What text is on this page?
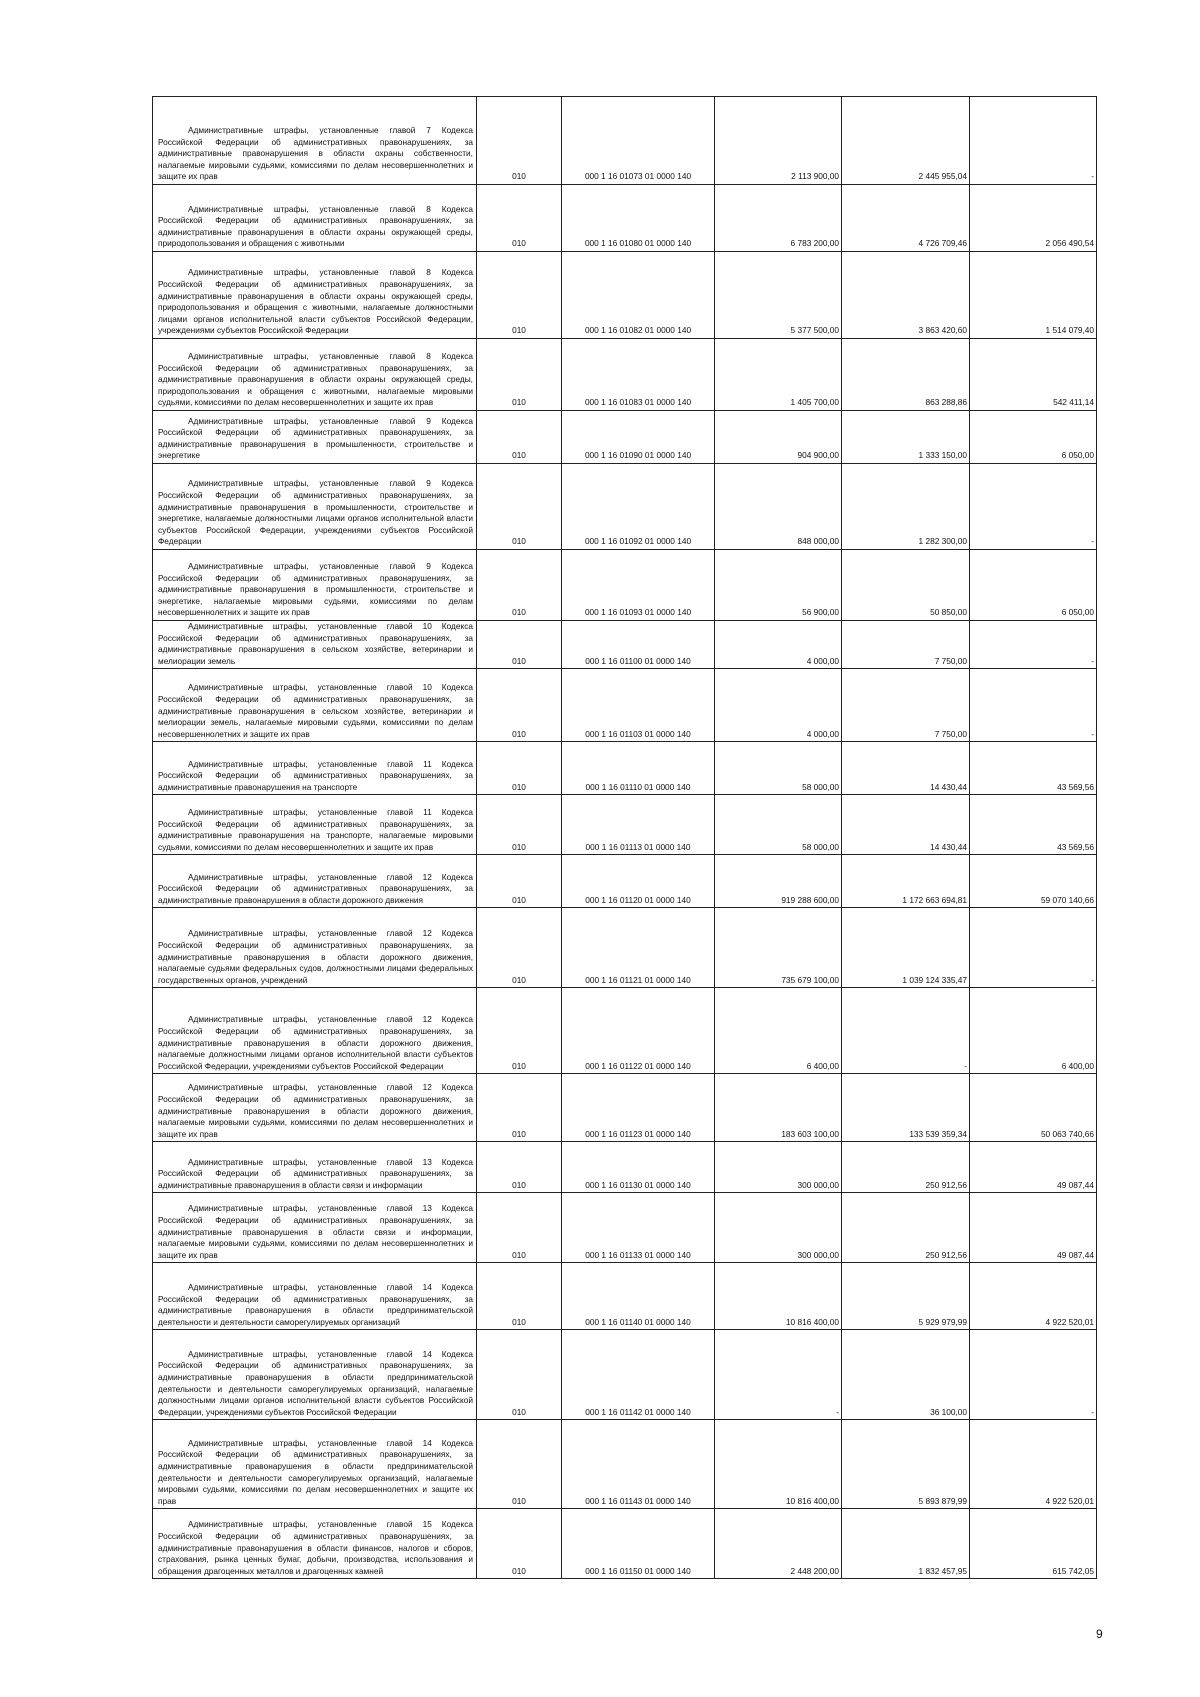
Административные штрафы, установленные главой 7 Кодекса Российской Федерации об административных правонарушениях, за административные правонарушения в области охраны собственности, налагаемые мировыми судьями, комиссиями по делам несовершеннолетних и защите их прав	010	000 1 16 01073 01 0000 140	2 113 900,00	2 445 955,04	-
Административные штрафы, установленные главой 8 Кодекса Российской Федерации об административных правонарушениях, за административные правонарушения в области охраны окружающей среды, природопользования и обращения с животными	010	000 1 16 01080 01 0000 140	6 783 200,00	4 726 709,46	2 056 490,54
Административные штрафы, установленные главой 8 Кодекса Российской Федерации об административных правонарушениях, за административные правонарушения в области охраны окружающей среды, природопользования и обращения с животными, налагаемые должностными лицами органов исполнительной власти субъектов Российской Федерации, учреждениями субъектов Российской Федерации	010	000 1 16 01082 01 0000 140	5 377 500,00	3 863 420,60	1 514 079,40
Административные штрафы, установленные главой 8 Кодекса Российской Федерации об административных правонарушениях, за административные правонарушения в области охраны окружающей среды, природопользования и обращения с животными, налагаемые мировыми судьями, комиссиями по делам несовершеннолетних и защите их прав	010	000 1 16 01083 01 0000 140	1 405 700,00	863 288,86	542 411,14
Административные штрафы, установленные главой 9 Кодекса Российской Федерации об административных правонарушениях, за административные правонарушения в промышленности, строительстве и энергетике	010	000 1 16 01090 01 0000 140	904 900,00	1 333 150,00	6 050,00
Административные штрафы, установленные главой 9 Кодекса Российской Федерации об административных правонарушениях, за административные правонарушения в промышленности, строительстве и энергетике, налагаемые должностными лицами органов исполнительной власти субъектов Российской Федерации, учреждениями субъектов Российской Федерации	010	000 1 16 01092 01 0000 140	848 000,00	1 282 300,00	-
Административные штрафы, установленные главой 9 Кодекса Российской Федерации об административных правонарушениях, за административные правонарушения в промышленности, строительстве и энергетике, налагаемые мировыми судьями, комиссиями по делам несовершеннолетних и защите их прав	010	000 1 16 01093 01 0000 140	56 900,00	50 850,00	6 050,00
Административные штрафы, установленные главой 10 Кодекса Российской Федерации об административных правонарушениях, за административные правонарушения в сельском хозяйстве, ветеринарии и мелиорации земель	010	000 1 16 01100 01 0000 140	4 000,00	7 750,00	-
Административные штрафы, установленные главой 10 Кодекса Российской Федерации об административных правонарушениях, за административные правонарушения в сельском хозяйстве, ветеринарии и мелиорации земель, налагаемые мировыми судьями, комиссиями по делам несовершеннолетних и защите их прав	010	000 1 16 01103 01 0000 140	4 000,00	7 750,00	-
Административные штрафы, установленные главой 11 Кодекса Российской Федерации об административных правонарушениях, за административные правонарушения на транспорте	010	000 1 16 01110 01 0000 140	58 000,00	14 430,44	43 569,56
Административные штрафы, установленные главой 11 Кодекса Российской Федерации об административных правонарушениях, за административные правонарушения на транспорте, налагаемые мировыми судьями, комиссиями по делам несовершеннолетних и защите их прав	010	000 1 16 01113 01 0000 140	58 000,00	14 430,44	43 569,56
Административные штрафы, установленные главой 12 Кодекса Российской Федерации об административных правонарушениях, за административные правонарушения в области дорожного движения	010	000 1 16 01120 01 0000 140	919 288 600,00	1 172 663 694,81	59 070 140,66
Административные штрафы, установленные главой 12 Кодекса Российской Федерации об административных правонарушениях, за административные правонарушения в области дорожного движения, налагаемые судьями федеральных судов, должностными лицами федеральных государственных органов, учреждений	010	000 1 16 01121 01 0000 140	735 679 100,00	1 039 124 335,47	-
Административные штрафы, установленные главой 12 Кодекса Российской Федерации об административных правонарушениях, за административные правонарушения в области дорожного движения, налагаемые должностными лицами органов исполнительной власти субъектов Российской Федерации, учреждениями субъектов Российской Федерации	010	000 1 16 01122 01 0000 140	6 400,00	-	6 400,00
Административные штрафы, установленные главой 12 Кодекса Российской Федерации об административных правонарушениях, за административные правонарушения в области дорожного движения, налагаемые мировыми судьями, комиссиями по делам несовершеннолетних и защите их прав	010	000 1 16 01123 01 0000 140	183 603 100,00	133 539 359,34	50 063 740,66
Административные штрафы, установленные главой 13 Кодекса Российской Федерации об административных правонарушениях, за административные правонарушения в области связи и информации	010	000 1 16 01130 01 0000 140	300 000,00	250 912,56	49 087,44
Административные штрафы, установленные главой 13 Кодекса Российской Федерации об административных правонарушениях, за административные правонарушения в области связи и информации, налагаемые мировыми судьями, комиссиями по делам несовершеннолетних и защите их прав	010	000 1 16 01133 01 0000 140	300 000,00	250 912,56	49 087,44
Административные штрафы, установленные главой 14 Кодекса Российской Федерации об административных правонарушениях, за административные правонарушения в области предпринимательской деятельности и деятельности саморегулируемых организаций	010	000 1 16 01140 01 0000 140	10 816 400,00	5 929 979,99	4 922 520,01
Административные штрафы, установленные главой 14 Кодекса Российской Федерации об административных правонарушениях, за административные правонарушения в области предпринимательской деятельности и деятельности саморегулируемых организаций, налагаемые должностными лицами органов исполнительной власти субъектов Российской Федерации, учреждениями субъектов Российской Федерации	010	000 1 16 01142 01 0000 140	-	36 100,00	-
Административные штрафы, установленные главой 14 Кодекса Российской Федерации об административных правонарушениях, за административные правонарушения в области предпринимательской деятельности и деятельности саморегулируемых организаций, налагаемые мировыми судьями, комиссиями по делам несовершеннолетних и защите их прав	010	000 1 16 01143 01 0000 140	10 816 400,00	5 893 879,99	4 922 520,01
Административные штрафы, установленные главой 15 Кодекса Российской Федерации об административных правонарушениях, за административные правонарушения в области финансов, налогов и сборов, страхования, рынка ценных бумаг, добычи, производства, использования и обращения драгоценных металлов и драгоценных камней	010	000 1 16 01150 01 0000 140	2 448 200,00	1 832 457,95	615 742,05
9
